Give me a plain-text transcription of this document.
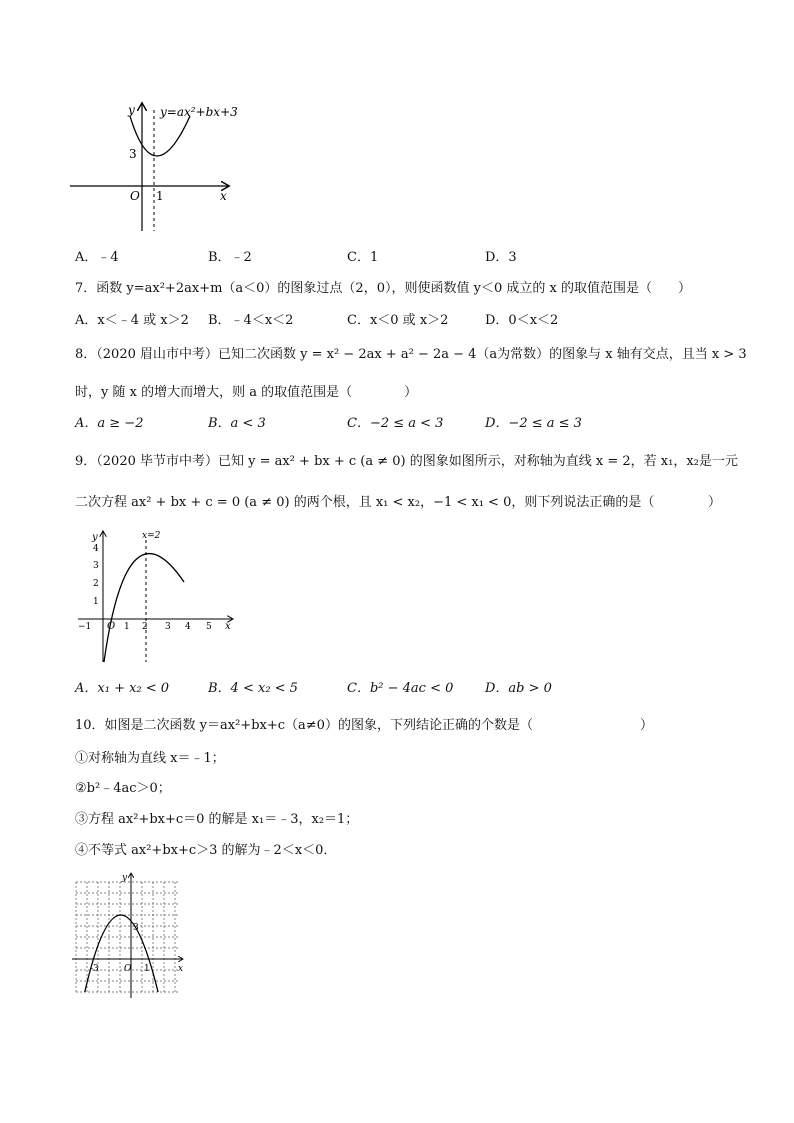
y=ax²+bx+3
y
x
O
3
1
A．﹣4	B．﹣2	C．1	D．3
7．函数 y=ax²+2ax+m（a＜0）的图象过点（2，0），则使函数值 y＜0 成立的 x 的取值范围是（　　）
A．x＜﹣4 或 x＞2 B．﹣4＜x＜2	C．x＜0 或 x＞2	D．0＜x＜2
8．（2020 眉山市中考）已知二次函数 y = x² − 2ax + a² − 2a − 4（a为常数）的图象与 x 轴有交点，且当 x > 3
时，y 随 x 的增大而增大，则 a 的取值范围是（　　　　）
A．a ≥ −2	B．a < 3	C．−2 ≤ a < 3	D．−2 ≤ a ≤ 3
9．（2020 毕节市中考）已知 y = ax² + bx + c (a ≠ 0) 的图象如图所示，对称轴为直线 x = 2，若 x₁，x₂是一元
二次方程 ax² + bx + c = 0 (a ≠ 0) 的两个根，且 x₁ < x₂，−1 < x₁ < 0，则下列说法正确的是（	）
x=2
y
x
O
−1	1 2 3 4 5
1
2
3
4
A．x₁ + x₂ < 0	B．4 < x₂ < 5	C．b² − 4ac < 0 D．ab > 0
10．如图是二次函数 y＝ax²+bx+c（a≠0）的图象，下列结论正确的个数是（	）
①对称轴为直线 x＝﹣1；
②b²﹣4ac＞0；
③方程 ax²+bx+c＝0 的解是 x₁＝﹣3，x₂＝1；
④不等式 ax²+bx+c＞3 的解为﹣2＜x＜0．
y
x
O
3
-3	1
